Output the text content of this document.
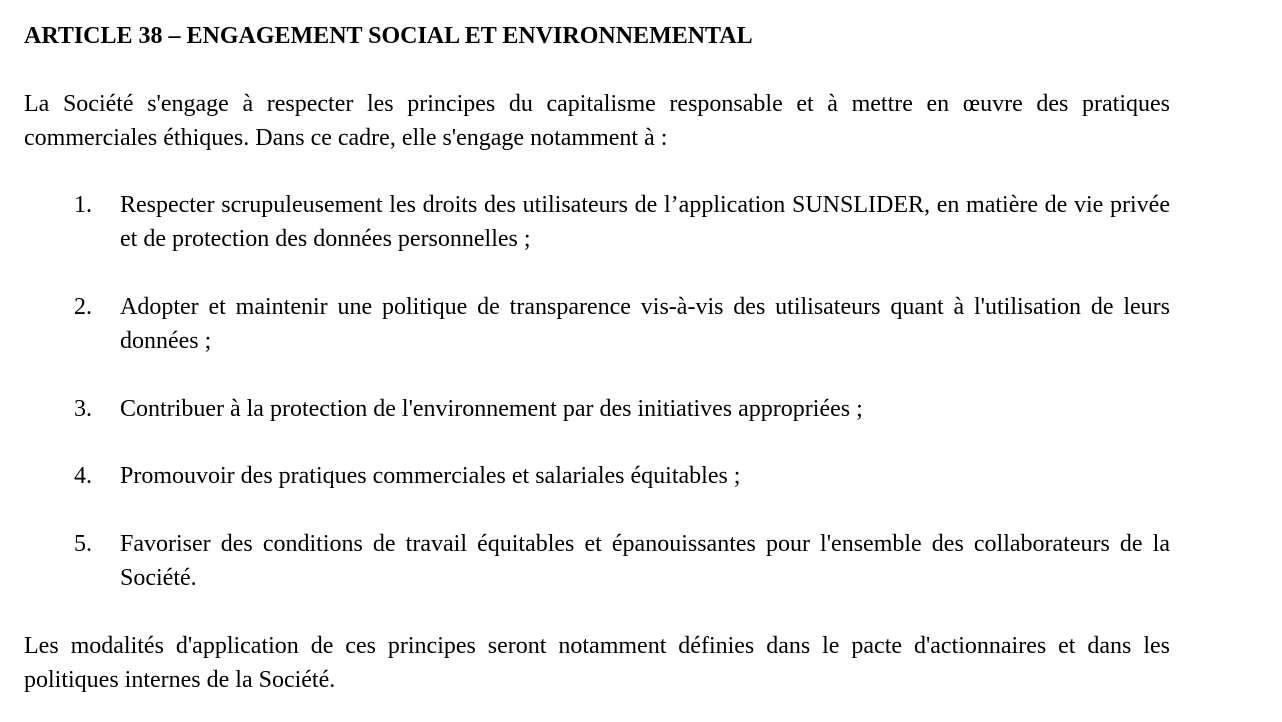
ARTICLE 38 – ENGAGEMENT SOCIAL ET ENVIRONNEMENTAL
La Société s'engage à respecter les principes du capitalisme responsable et à mettre en œuvre des pratiques commerciales éthiques. Dans ce cadre, elle s'engage notamment à :
1.	Respecter scrupuleusement les droits des utilisateurs de l’application SUNSLIDER, en matière de vie privée et de protection des données personnelles ;
2.	Adopter et maintenir une politique de transparence vis-à-vis des utilisateurs quant à l'utilisation de leurs données ;
3.	Contribuer à la protection de l'environnement par des initiatives appropriées ;
4.	Promouvoir des pratiques commerciales et salariales équitables ;
5.	Favoriser des conditions de travail équitables et épanouissantes pour l'ensemble des collaborateurs de la Société.
Les modalités d'application de ces principes seront notamment définies dans le pacte d'actionnaires et dans les politiques internes de la Société.
